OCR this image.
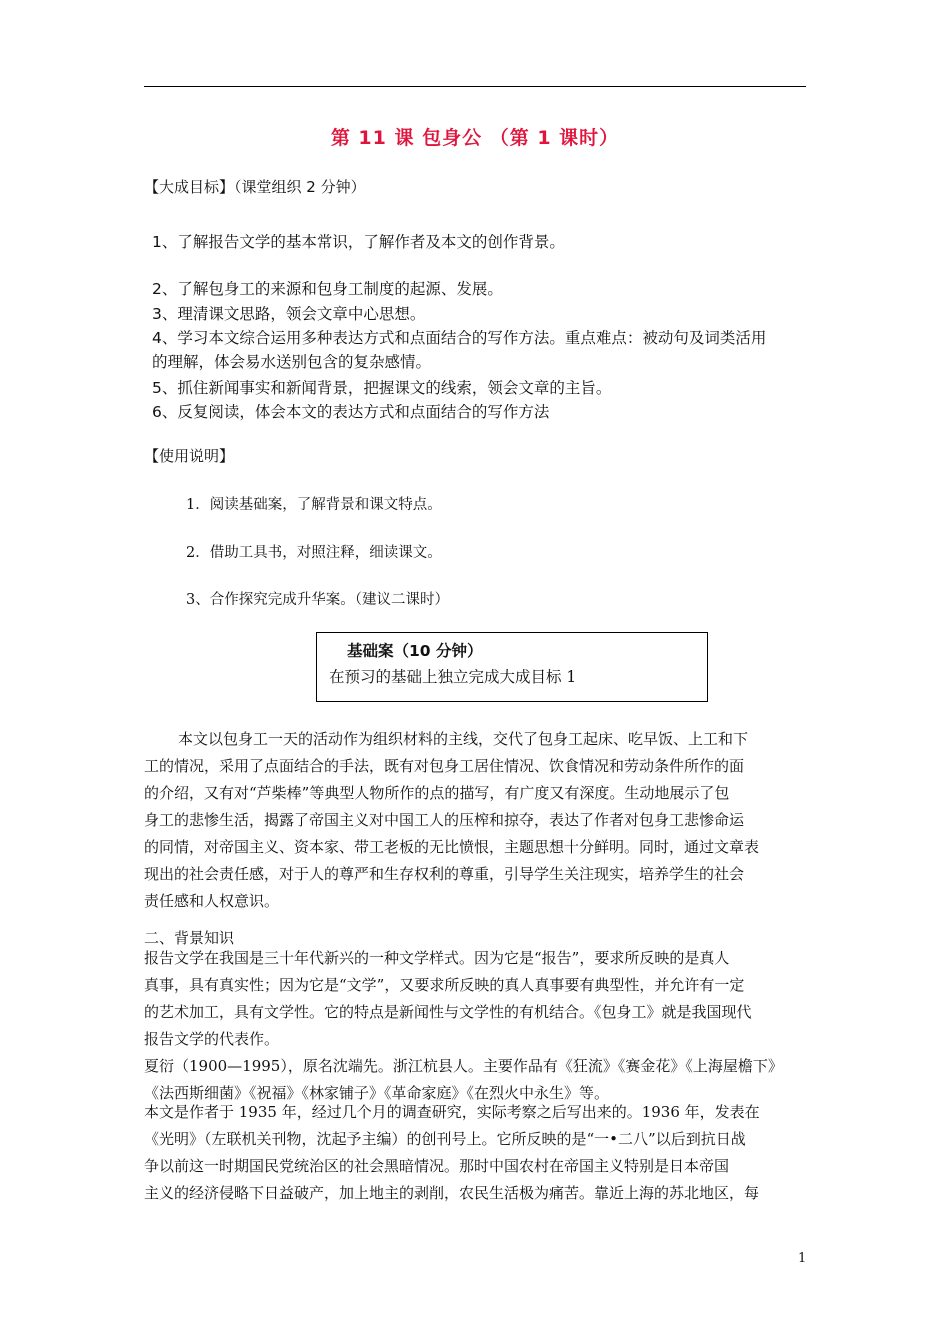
第 11 课 包身公 （第 1 课时）
【大成目标】（课堂组织 2 分钟）
1、了解报告文学的基本常识，了解作者及本文的创作背景。
2、了解包身工的来源和包身工制度的起源、发展。
3、理清课文思路，领会文章中心思想。
4、学习本文综合运用多种表达方式和点面结合的写作方法。重点难点：被动句及词类活用
的理解，体会易水送别包含的复杂感情。
5、抓住新闻事实和新闻背景，把握课文的线索，领会文章的主旨。
6、反复阅读，体会本文的表达方式和点面结合的写作方法
【使用说明】
1．阅读基础案，了解背景和课文特点。
2．借助工具书，对照注释，细读课文。
3、合作探究完成升华案。（建议二课时）
基础案（10 分钟）
在预习的基础上独立完成大成目标 1
本文以包身工一天的活动作为组织材料的主线，交代了包身工起床、吃早饭、上工和下
工的情况，采用了点面结合的手法，既有对包身工居住情况、饮食情况和劳动条件所作的面
的介绍，又有对“芦柴棒”等典型人物所作的点的描写，有广度又有深度。生动地展示了包
身工的悲惨生活，揭露了帝国主义对中国工人的压榨和掠夺，表达了作者对包身工悲惨命运
的同情，对帝国主义、资本家、带工老板的无比愤恨，主题思想十分鲜明。同时，通过文章表
现出的社会责任感，对于人的尊严和生存权利的尊重，引导学生关注现实，培养学生的社会
责任感和人权意识。
二、背景知识
报告文学在我国是三十年代新兴的一种文学样式。因为它是“报告”，要求所反映的是真人
真事，具有真实性；因为它是“文学”，又要求所反映的真人真事要有典型性，并允许有一定
的艺术加工，具有文学性。它的特点是新闻性与文学性的有机结合。《包身工》就是我国现代
报告文学的代表作。
夏衍（1900—1995），原名沈端先。浙江杭县人。主要作品有《狂流》《赛金花》《上海屋檐下》
《法西斯细菌》《祝福》《林家铺子》《革命家庭》《在烈火中永生》等。
本文是作者于 1935 年，经过几个月的调查研究，实际考察之后写出来的。1936 年，发表在
《光明》（左联机关刊物，沈起予主编）的创刊号上。它所反映的是“一•二八”以后到抗日战
争以前这一时期国民党统治区的社会黑暗情况。那时中国农村在帝国主义特别是日本帝国
主义的经济侵略下日益破产，加上地主的剥削，农民生活极为痛苦。靠近上海的苏北地区，每
1
